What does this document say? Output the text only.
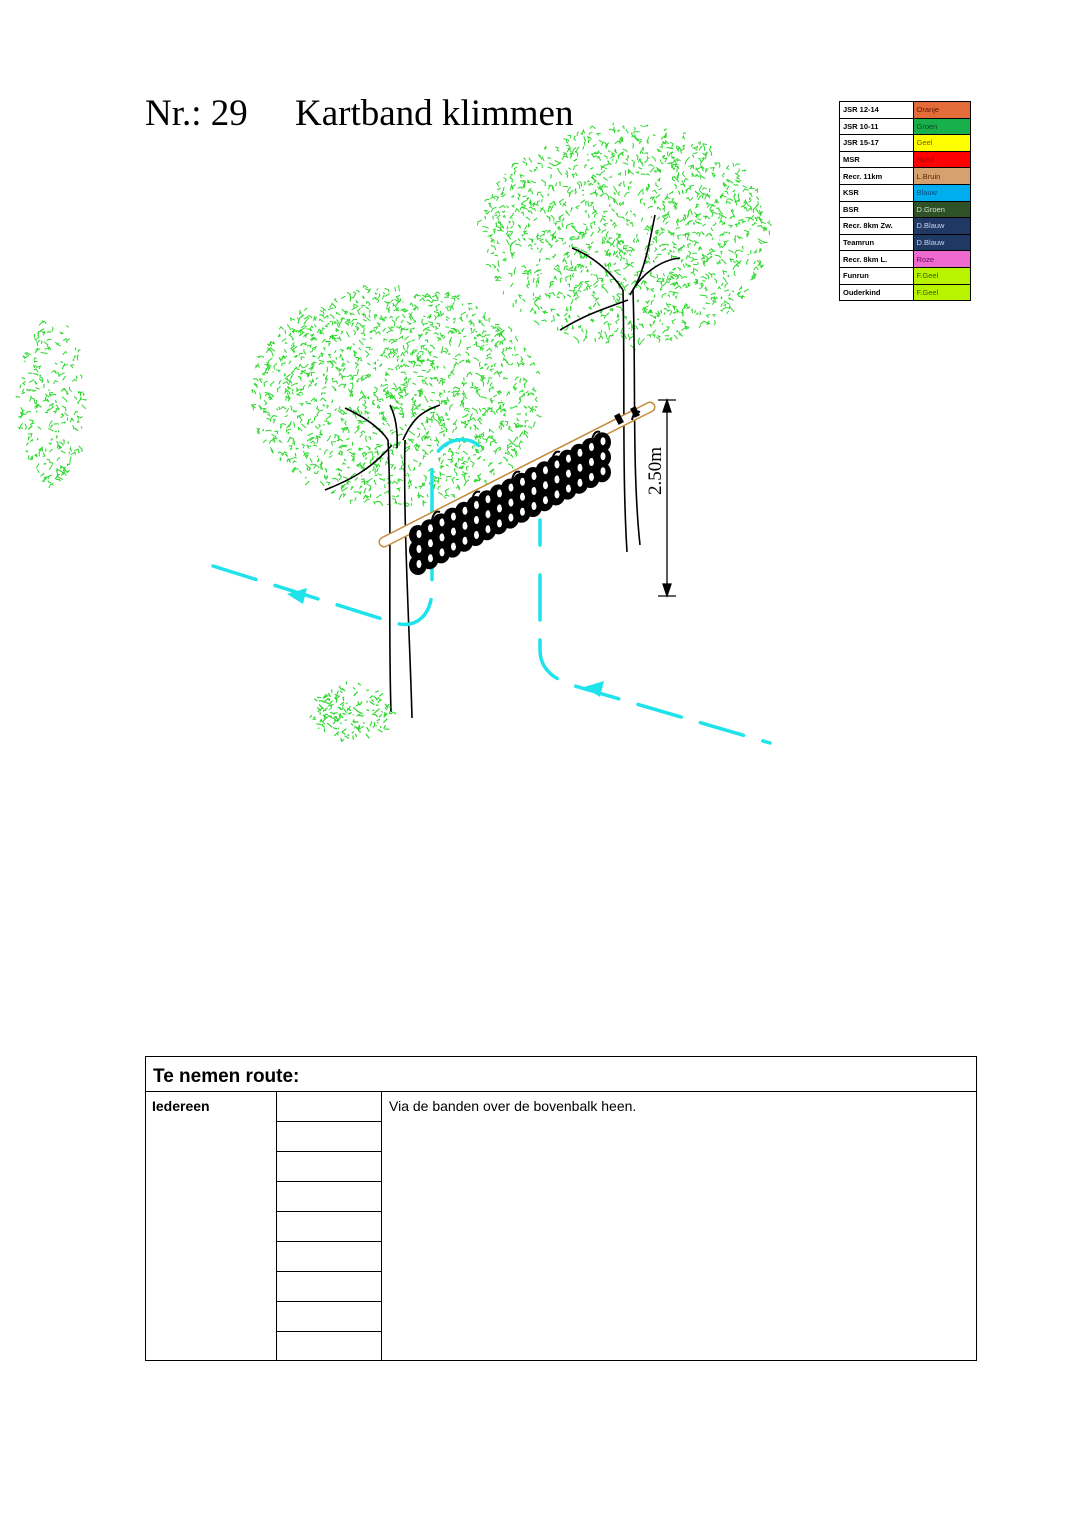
Nr.: 29 Kartband klimmen	JSR 12-14	Oranje
JSR 10-11	Groen
JSR 15-17	Geel
MSR	Rood
Recr. 11km	L.Bruin
KSR	Blauw
BSR	D.Groen
Recr. 8km Zw.	D.Blauw
Teamrun	D.Blauw
Recr. 8km L.	Roze
Funrun	F.Geel
Ouderkind	F.Geel
2.50m
Te nemen route:
Iedereen	Via de banden over de bovenbalk heen.
